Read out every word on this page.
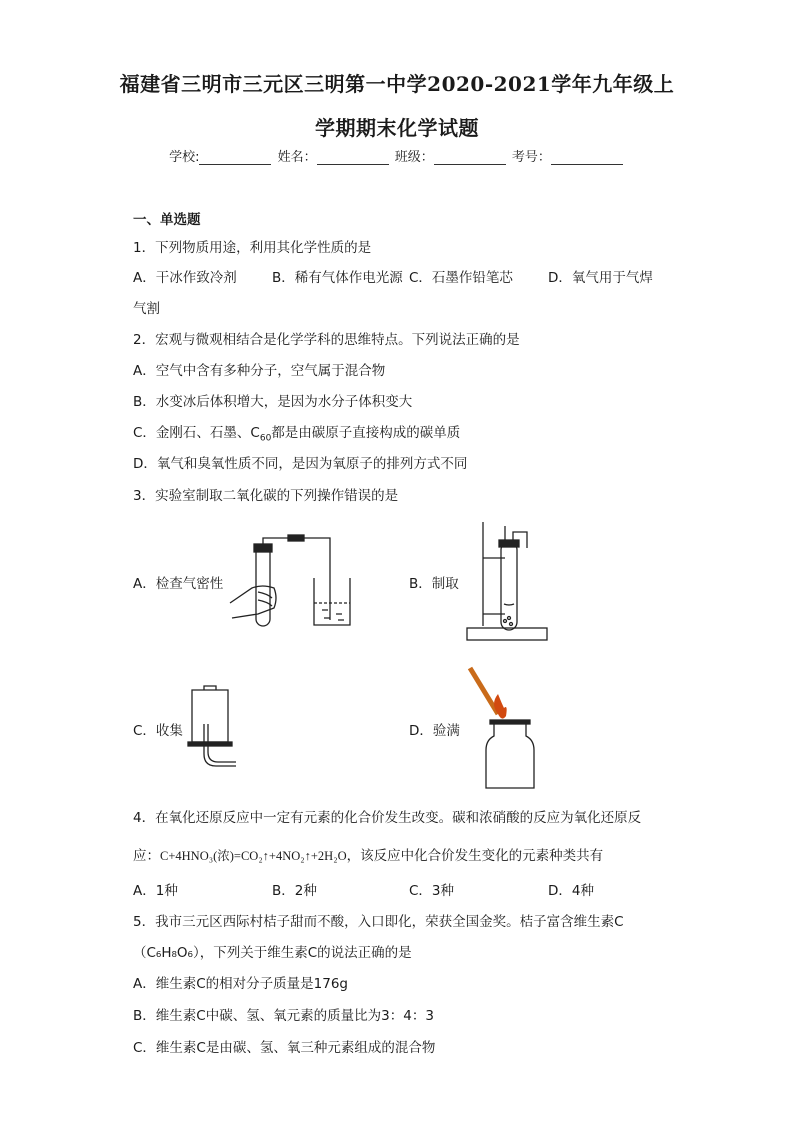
福建省三明市三元区三明第一中学2020-2021学年九年级上
学期期末化学试题
学校:	姓名：	班级：	考号：
一、单选题
1．下列物质用途，利用其化学性质的是
A．干冰作致冷剂	B．稀有气体作电光源 C．石墨作铅笔芯	D．氧气用于气焊
气割
2．宏观与微观相结合是化学学科的思维特点。下列说法正确的是
A．空气中含有多种分子，空气属于混合物
B．水变冰后体积增大，是因为水分子体积变大
C．金刚石、石墨、$C_{60}$都是由碳原子直接构成的碳单质
D．氧气和臭氧性质不同，是因为氧原子的排列方式不同
3．实验室制取二氧化碳的下列操作错误的是
A．检查气密性	B．制取
C．收集	D．验满
4．在氧化还原反应中一定有元素的化合价发生改变。碳和浓硝酸的反应为氧化还原反
应：C+4HNO₃(浓)=CO₂↑+4NO₂↑+2H₂O，该反应中化合价发生变化的元素种类共有
A．1种	B．2种	C．3种	D．4种
5．我市三元区西际村桔子甜而不酸，入口即化，荣获全国金奖。桔子富含维生素C
（C₆H₈O₆），下列关于维生素C的说法正确的是
A．维生素C的相对分子质量是176g
B．维生素C中碳、氢、氧元素的质量比为3：4：3
C．维生素C是由碳、氢、氧三种元素组成的混合物
